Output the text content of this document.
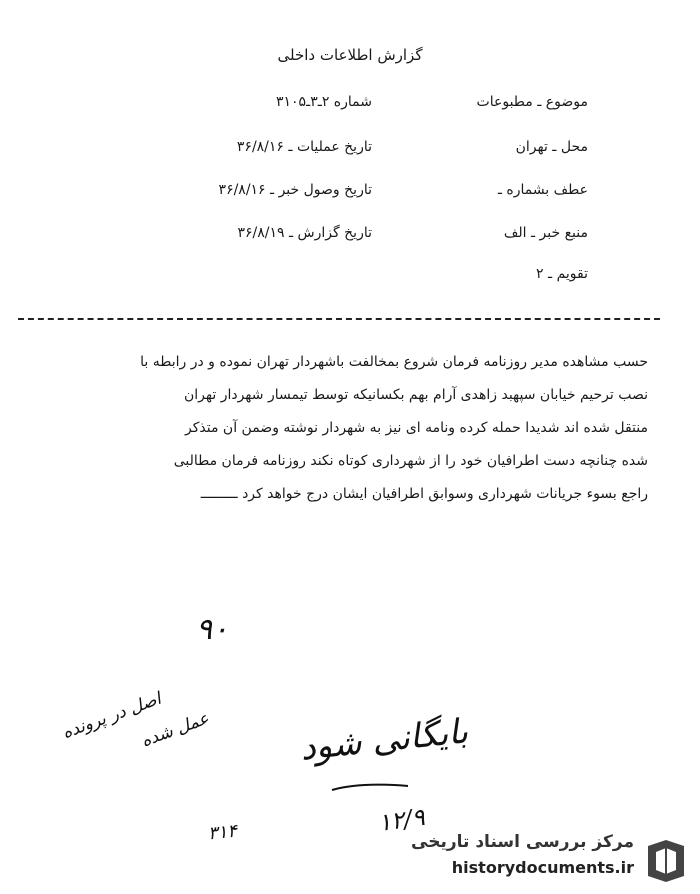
گزارش اطلاعات داخلی
موضوع ـ مطبوعات
محل ـ تهران
عطف بشماره ـ
منبع خبر ـ الف
تقویم ـ ۲
شماره ۲ـ۳ـ۳۱۰۵
تاریخ عملیات ـ ۳۶/۸/۱۶
تاریخ وصول خبر ـ ۳۶/۸/۱۶
تاریخ گزارش ـ ۳۶/۸/۱۹
حسب مشاهده مدیر روزنامه فرمان شروع بمخالفت باشهردار تهران نموده و در رابطه با
نصب ترحیم خیابان سپهبد زاهدی آرام بهم بکسانیکه توسط تیمسار شهردار تهران
منتقل شده اند شدیدا حمله کرده ونامه ای نیز به شهردار نوشته وضمن آن متذکر
شده چنانچه دست اطرافیان خود را از شهرداری کوتاه نکند روزنامه فرمان مطالبی
راجع بسوء جریانات شهرداری وسوابق اطرافیان ایشان درج خواهد کرد ـــــــــ
۹۰
بایگانی شود
اصل در پرونده
عمل شده
۳۱۴	۱۲/۹
مرکز بررسی اسناد تاریخی
historydocuments.ir
